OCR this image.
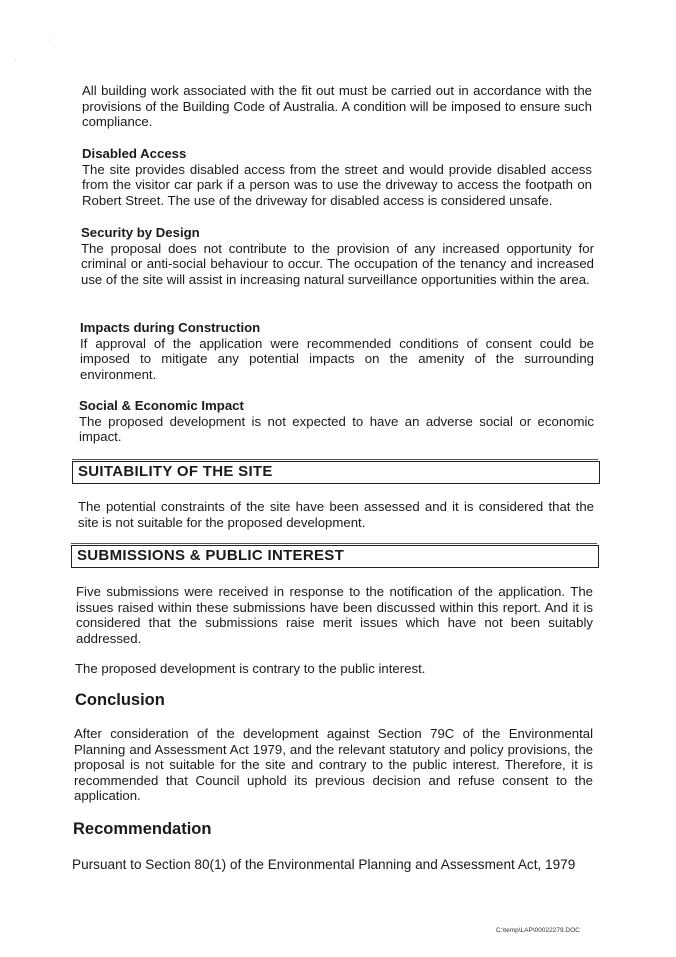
'
,

All building work associated with the fit out must be carried out in accordance with the provisions of the Building Code of Australia. A condition will be imposed to ensure such compliance.

Disabled Access

The site provides disabled access from the street and would provide disabled access from the visitor car park if a person was to use the driveway to access the footpath on Robert Street. The use of the driveway for disabled access is considered unsafe.

Security by Design

The proposal does not contribute to the provision of any increased opportunity for criminal or anti-social behaviour to occur. The occupation of the tenancy and increased use of the site will assist in increasing natural surveillance opportunities within the area.

Impacts during Construction

If approval of the application were recommended conditions of consent could be imposed to mitigate any potential impacts on the amenity of the surrounding environment.

Social & Economic Impact

The proposed development is not expected to have an adverse social or economic impact.

SUITABILITY OF THE SITE

The potential constraints of the site have been assessed and it is considered that the site is not suitable for the proposed development.

SUBMISSIONS & PUBLIC INTEREST

Five submissions were received in response to the notification of the application. The issues raised within these submissions have been discussed within this report. And it is considered that the submissions raise merit issues which have not been suitably addressed.

The proposed development is contrary to the public interest.

Conclusion

After consideration of the development against Section 79C of the Environmental Planning and Assessment Act 1979, and the relevant statutory and policy provisions, the proposal is not suitable for the site and contrary to the public interest. Therefore, it is recommended that Council uphold its previous decision and refuse consent to the application.

Recommendation

Pursuant to Section 80(1) of the Environmental Planning and Assessment Act, 1979

C:\temp\LAP\00022279.DOC
